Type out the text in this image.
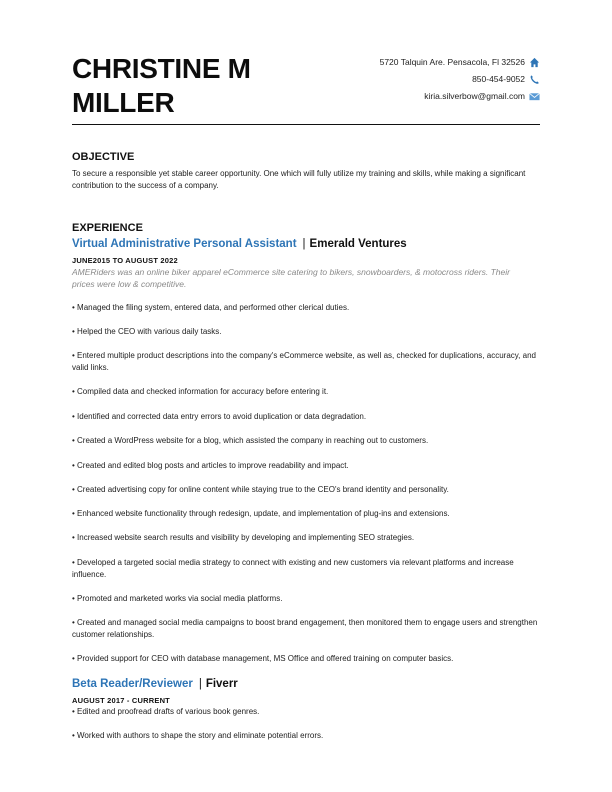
CHRISTINE M
MILLER
5720 Talquin Are. Pensacola, Fl 32526
850-454-9052
kiria.silverbow@gmail.com
OBJECTIVE
To secure a responsible yet stable career opportunity. One which will fully utilize my training and skills, while making a significant contribution to the success of a company.
EXPERIENCE
Virtual Administrative Personal Assistant | Emerald Ventures
JUNE2015 TO AUGUST 2022
AMERiders was an online biker apparel eCommerce site catering to bikers, snowboarders, & motocross riders. Their prices were low & competitive.
• Managed the filing system, entered data, and performed other clerical duties.
• Helped the CEO with various daily tasks.
• Entered multiple product descriptions into the company's eCommerce website, as well as, checked for duplications, accuracy, and valid links.
• Compiled data and checked information for accuracy before entering it.
• Identified and corrected data entry errors to avoid duplication or data degradation.
• Created a WordPress website for a blog, which assisted the company in reaching out to customers.
• Created and edited blog posts and articles to improve readability and impact.
• Created advertising copy for online content while staying true to the CEO's brand identity and personality.
• Enhanced website functionality through redesign, update, and implementation of plug-ins and extensions.
• Increased website search results and visibility by developing and implementing SEO strategies.
• Developed a targeted social media strategy to connect with existing and new customers via relevant platforms and increase influence.
• Promoted and marketed works via social media platforms.
• Created and managed social media campaigns to boost brand engagement, then monitored them to engage users and strengthen customer relationships.
• Provided support for CEO with database management, MS Office and offered training on computer basics.
Beta Reader/Reviewer | Fiverr
AUGUST 2017 - CURRENT
• Edited and proofread drafts of various book genres.
• Worked with authors to shape the story and eliminate potential errors.
